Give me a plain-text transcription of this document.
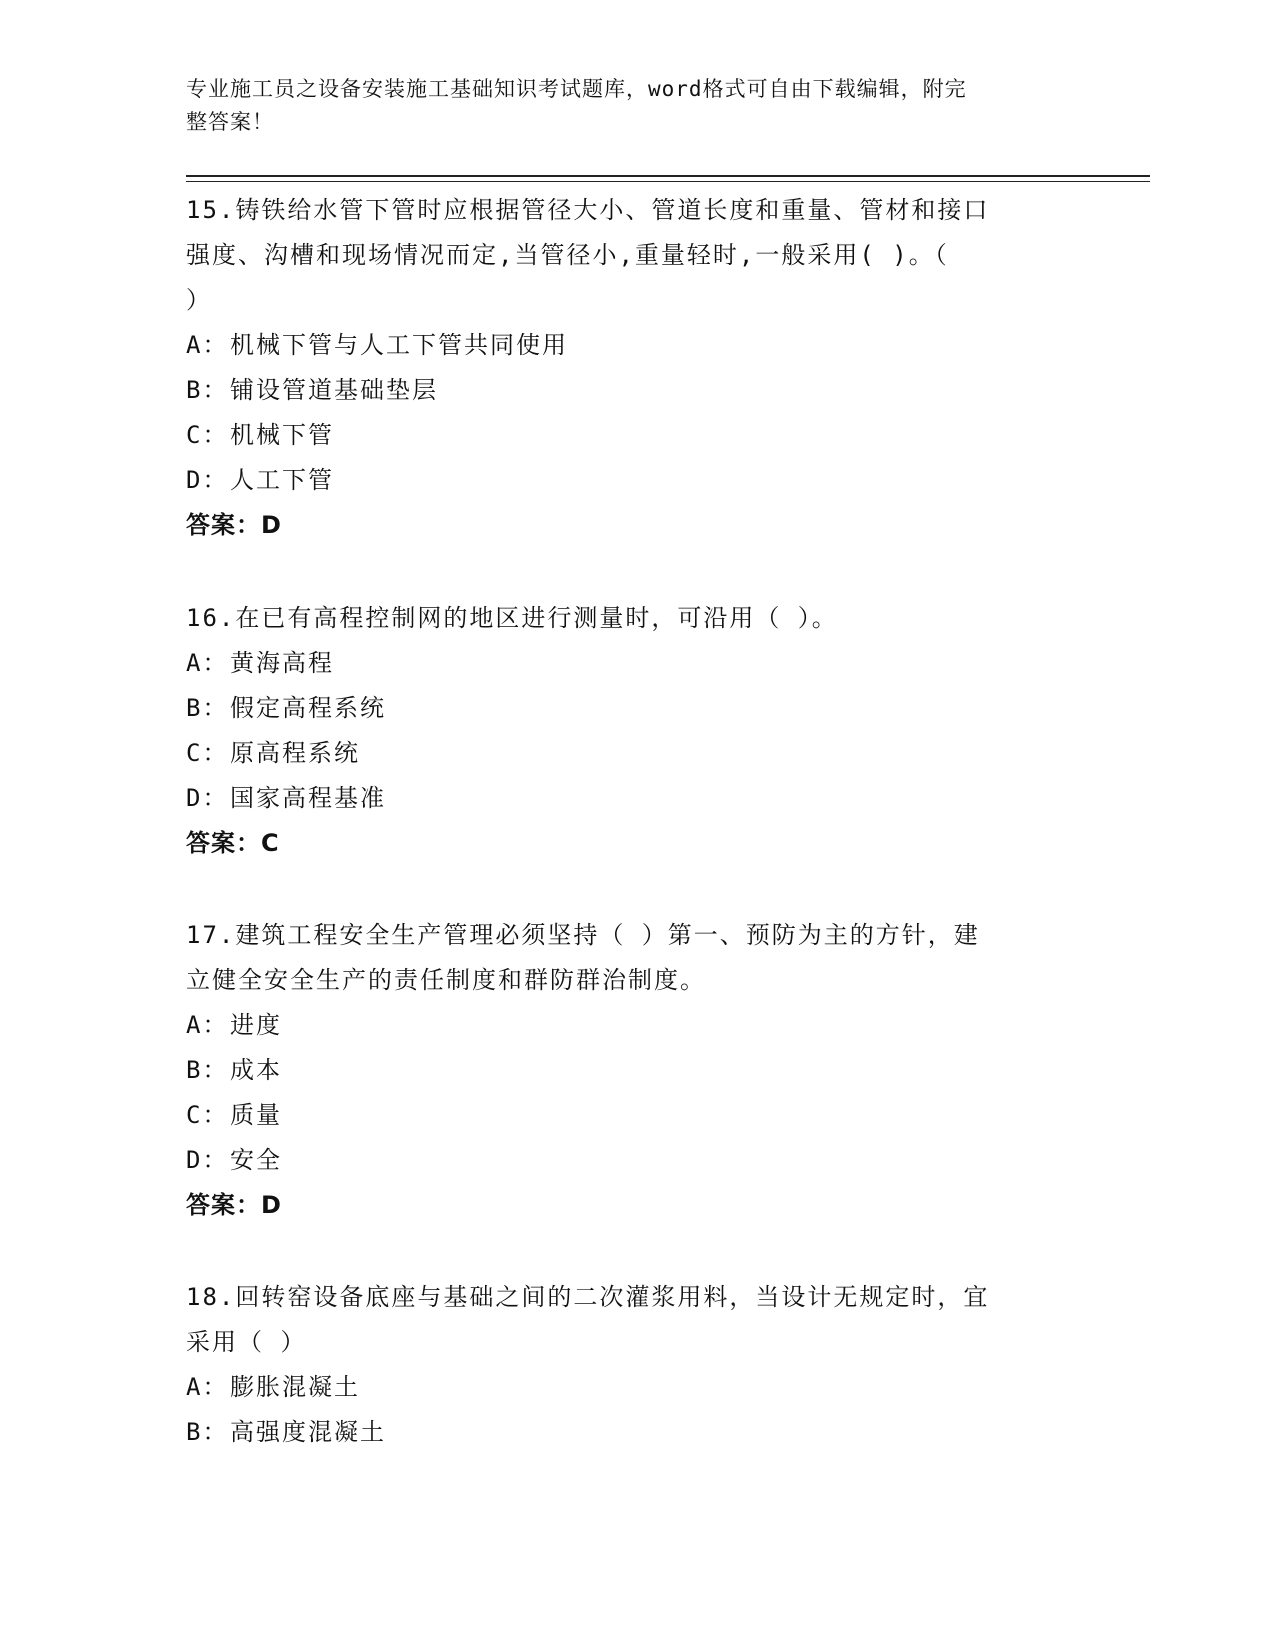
专业施工员之设备安装施工基础知识考试题库，word格式可自由下载编辑，附完
整答案！
15.铸铁给水管下管时应根据管径大小、管道长度和重量、管材和接口
强度、沟槽和现场情况而定,当管径小,重量轻时,一般采用( )。（
）
A：机械下管与人工下管共同使用
B：铺设管道基础垫层
C：机械下管
D：人工下管
答案：D
16.在已有高程控制网的地区进行测量时，可沿用（ ）。
A：黄海高程
B：假定高程系统
C：原高程系统
D：国家高程基准
答案：C
17.建筑工程安全生产管理必须坚持（ ）第一、预防为主的方针，建
立健全安全生产的责任制度和群防群治制度。
A：进度
B：成本
C：质量
D：安全
答案：D
18.回转窑设备底座与基础之间的二次灌浆用料，当设计无规定时，宜
采用（ ）
A：膨胀混凝土
B：高强度混凝土
